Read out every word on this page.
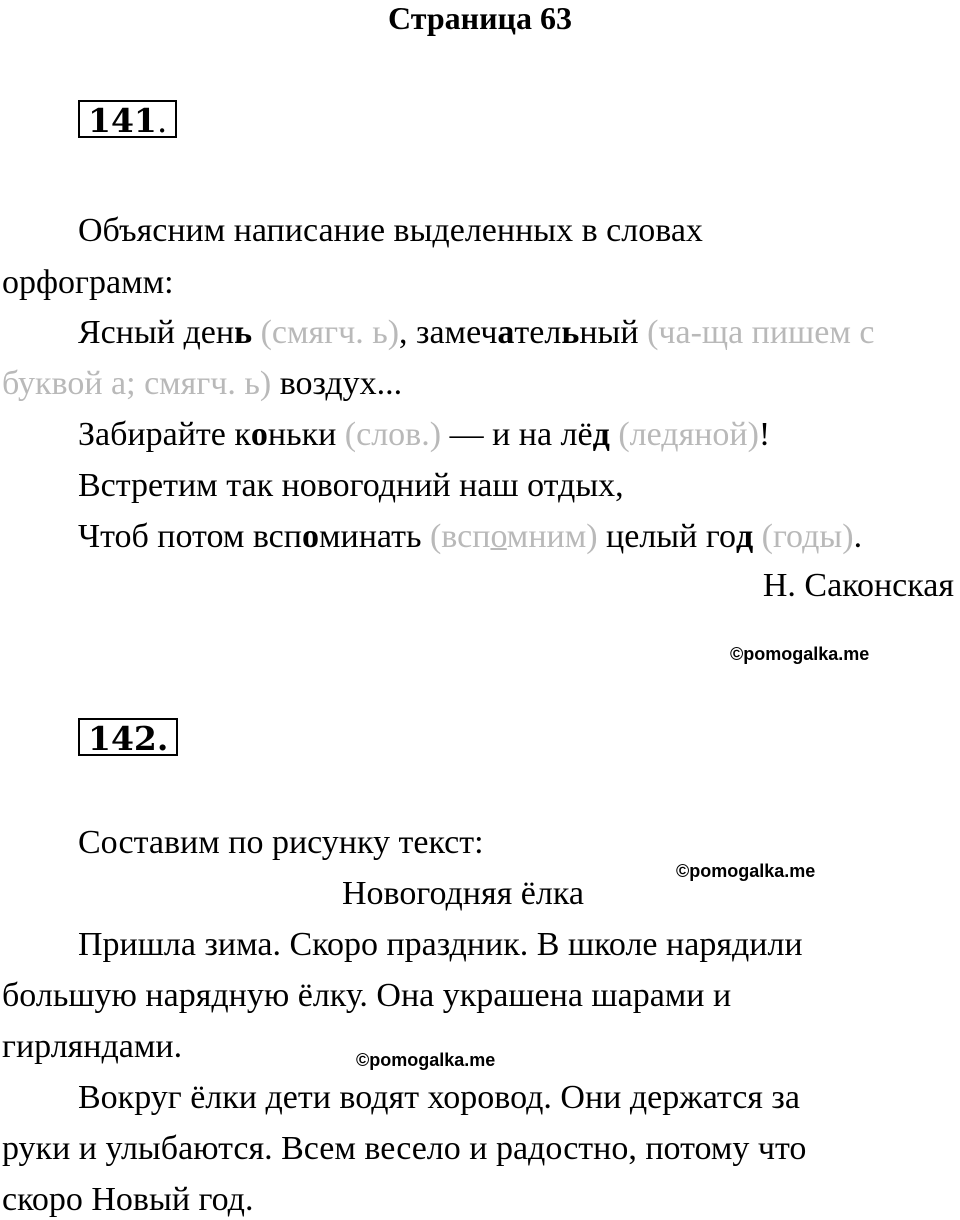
Страница 63
141.
Объясним написание выделенных в словах
орфограмм:
Ясный день (смягч. ь), замечательный (ча-ща пишем с
буквой а; смягч. ь) воздух...
Забирайте коньки (слов.) — и на лёд (ледяной)!
Встретим так новогодний наш отдых,
Чтоб потом вспоминать (вспомним) целый год (годы).
Н. Саконская
©pomogalka.me
142.
Составим по рисунку текст:
©pomogalka.me
Новогодняя ёлка
Пришла зима. Скоро праздник. В школе нарядили
большую нарядную ёлку. Она украшена шарами и
гирляндами.	©pomogalka.me
Вокруг ёлки дети водят хоровод. Они держатся за
руки и улыбаются. Всем весело и радостно, потому что
скоро Новый год.
